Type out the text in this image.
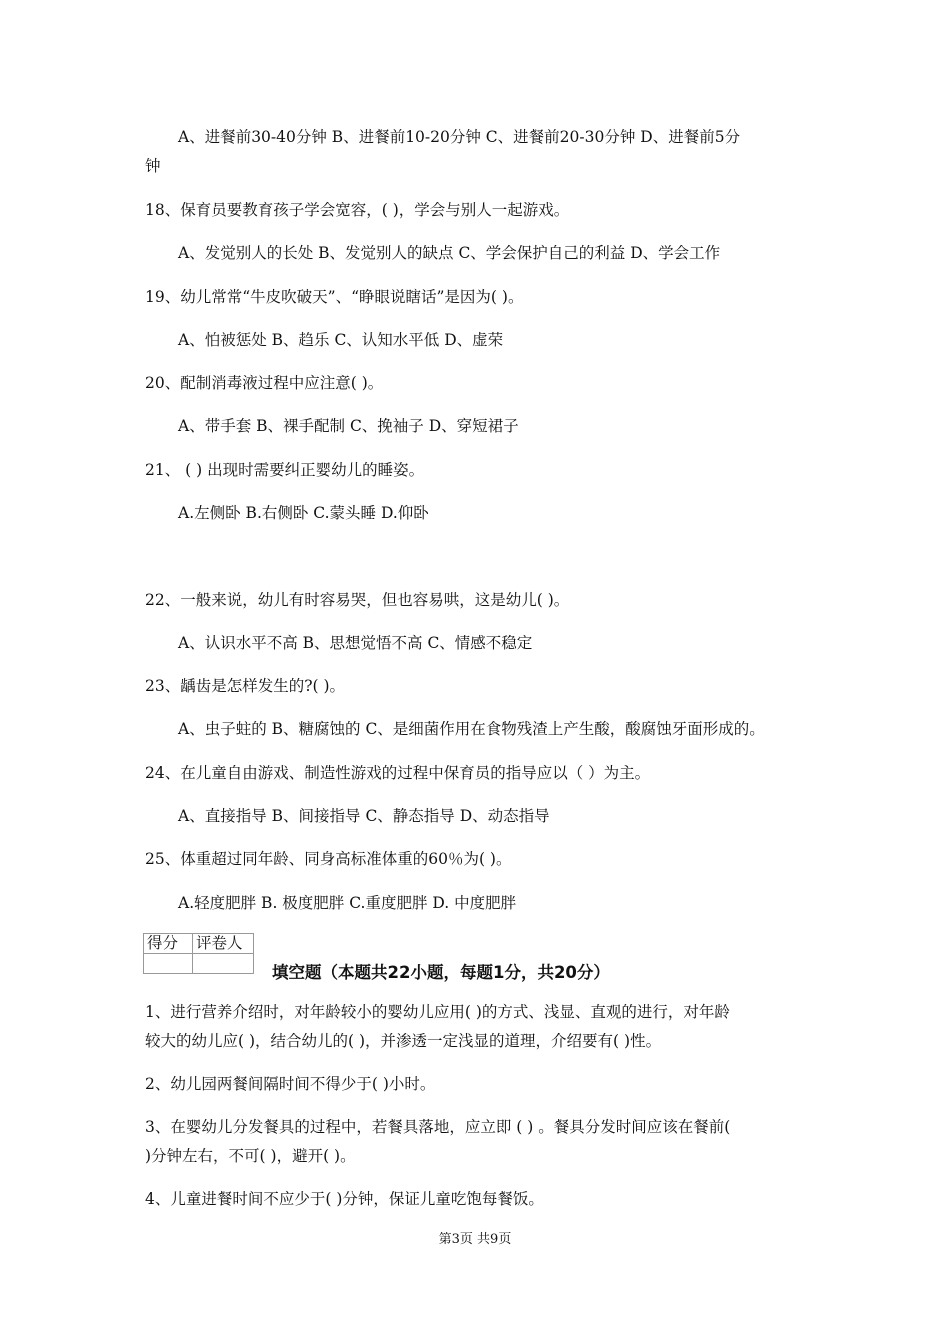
A、进餐前30-40分钟 B、进餐前10-20分钟 C、进餐前20-30分钟 D、进餐前5分
钟
18、保育员要教育孩子学会宽容，( )，学会与别人一起游戏。
A、发觉别人的长处 B、发觉别人的缺点 C、学会保护自己的利益 D、学会工作
19、幼儿常常“牛皮吹破天”、“睁眼说瞎话”是因为( )。
A、怕被惩处 B、趋乐 C、认知水平低 D、虚荣
20、配制消毒液过程中应注意( )。
A、带手套 B、裸手配制 C、挽袖子 D、穿短裙子
21、 ( ) 出现时需要纠正婴幼儿的睡姿。
A.左侧卧 B.右侧卧 C.蒙头睡 D.仰卧
22、一般来说，幼儿有时容易哭，但也容易哄，这是幼儿( )。
A、认识水平不高 B、思想觉悟不高 C、情感不稳定
23、龋齿是怎样发生的?( )。
A、虫子蛀的 B、糖腐蚀的 C、是细菌作用在食物残渣上产生酸，酸腐蚀牙面形成的。
24、在儿童自由游戏、制造性游戏的过程中保育员的指导应以（ ）为主。
A、直接指导 B、间接指导 C、静态指导 D、动态指导
25、体重超过同年龄、同身高标准体重的60％为( )。
A.轻度肥胖 B. 极度肥胖 C.重度肥胖 D. 中度肥胖
得分	评卷人

填空题（本题共22小题，每题1分，共20分）
1、进行营养介绍时，对年龄较小的婴幼儿应用( )的方式、浅显、直观的进行，对年龄
较大的幼儿应( )，结合幼儿的( )，并渗透一定浅显的道理，介绍要有( )性。
2、幼儿园两餐间隔时间不得少于( )小时。
3、在婴幼儿分发餐具的过程中，若餐具落地，应立即 ( ) 。餐具分发时间应该在餐前(
)分钟左右，不可( )，避开( )。
4、儿童进餐时间不应少于( )分钟，保证儿童吃饱每餐饭。
第3页 共9页
